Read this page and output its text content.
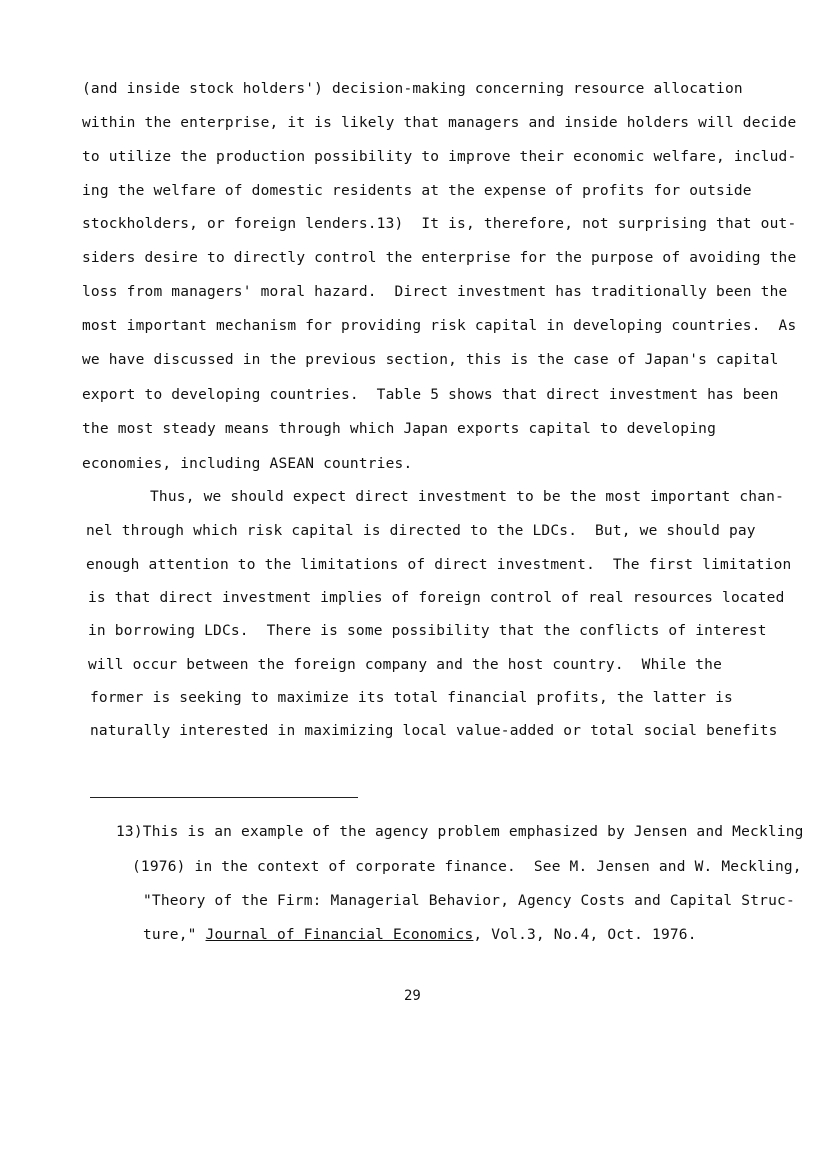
(and inside stock holders') decision-making concerning resource allocation
within the enterprise, it is likely that managers and inside holders will decide
to utilize the production possibility to improve their economic welfare, includ-
ing the welfare of domestic residents at the expense of profits for outside
stockholders, or foreign lenders.13)  It is, therefore, not surprising that out-
siders desire to directly control the enterprise for the purpose of avoiding the
loss from managers' moral hazard.  Direct investment has traditionally been the
most important mechanism for providing risk capital in developing countries.  As
we have discussed in the previous section, this is the case of Japan's capital
export to developing countries.  Table 5 shows that direct investment has been
the most steady means through which Japan exports capital to developing
economies, including ASEAN countries.
Thus, we should expect direct investment to be the most important chan-
nel through which risk capital is directed to the LDCs.  But, we should pay
enough attention to the limitations of direct investment.  The first limitation
is that direct investment implies of foreign control of real resources located
in borrowing LDCs.  There is some possibility that the conflicts of interest
will occur between the foreign company and the host country.  While the
former is seeking to maximize its total financial profits, the latter is
naturally interested in maximizing local value-added or total social benefits
13)This is an example of the agency problem emphasized by Jensen and Meckling
(1976) in the context of corporate finance.  See M. Jensen and W. Meckling,
"Theory of the Firm: Managerial Behavior, Agency Costs and Capital Struc-
ture," Journal of Financial Economics, Vol.3, No.4, Oct. 1976.
29
